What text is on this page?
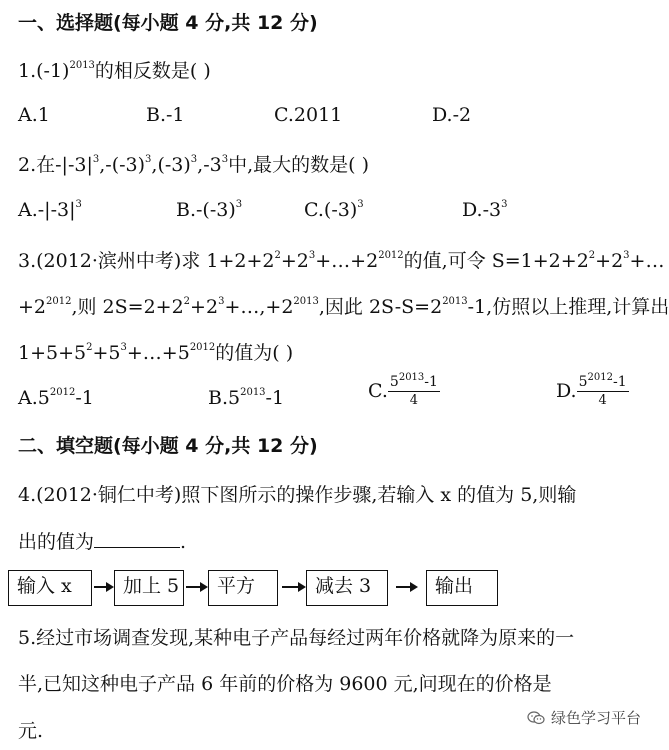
一、选择题(每小题 4 分,共 12 分)
$1.(-1)^{2013}$的相反数是( )
A.1	B.-1	C.2011	D.-2
2.在$-|-3|^3,-(-3)^3,(-3)^3,-3^3$中,最大的数是( )
$A.-|-3|^3$	$B.-(-3)^3$	$C.(-3)^3$	$D.-3^3$
3.(2012·滨州中考)求 $1+2+2^2+2^3+\dots+2^{2012}$的值,可令 $S=1+2+2^2+2^3+\dots$
$+2^{2012}$,则 $2S=2+2^2+2^3+\dots,+2^{2013}$,因此 $2S-S=2^{2013}-1$,仿照以上推理,计算出
$1+5+5^2+5^3+\dots+5^{2012}$的值为( )
$A.5^{2012}-1$	$B.5^{2013}-1$	C. $\frac{5^{2013}-1}{4}$	D. $\frac{5^{2012}-1}{4}$
二、填空题(每小题 4 分,共 12 分)
4.(2012·铜仁中考)照下图所示的操作步骤,若输入 x 的值为 5,则输
出的值为	.
输入 x	加上 5	平方	减去 3	输出
5.经过市场调查发现,某种电子产品每经过两年价格就降为原来的一
半,已知这种电子产品 6 年前的价格为 9600 元,问现在的价格是
元.
绿色学习平台
